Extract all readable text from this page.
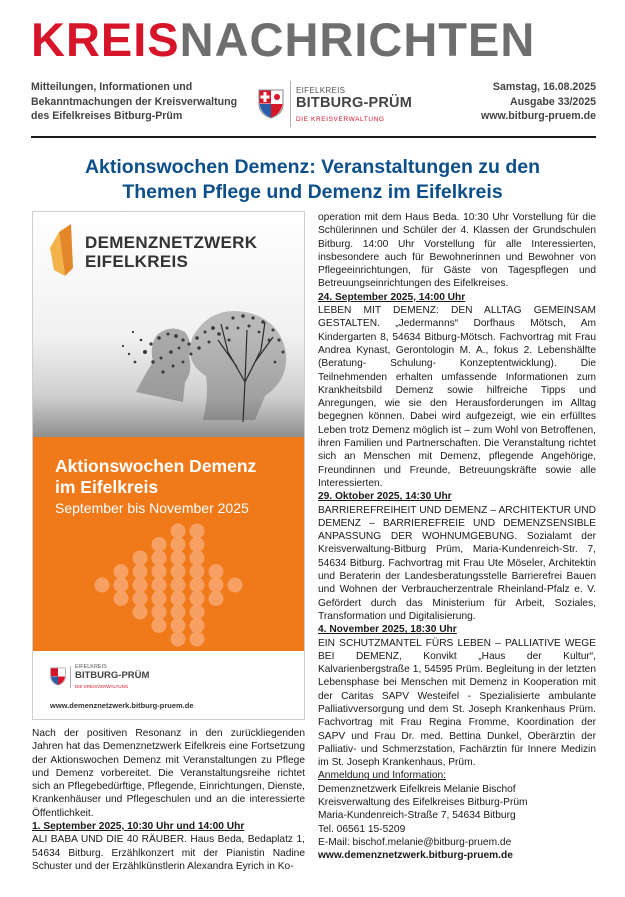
KREISNACHRICHTEN
Mitteilungen, Informationen und Bekanntmachungen der Kreisverwaltung des Eifelkreises Bitburg-Prüm
EIFELKREIS
BITBURG-PRÜM
DIE KREISVERWALTUNG
Samstag, 16.08.2025
Ausgabe 33/2025
www.bitburg-pruem.de
Aktionswochen Demenz: Veranstaltungen zu den Themen Pflege und Demenz im Eifelkreis
DEMENZNETZWERK
EIFELKREIS
Aktionswochen Demenz
im Eifelkreis
September bis November 2025
EIFELKREIS
BITBURG-PRÜM
DIE KREISVERWALTUNG
www.demenznetzwerk.bitburg-pruem.de

Nach der positiven Resonanz in den zurückliegenden Jahren hat das Demenznetzwerk Eifelkreis eine Fortsetzung der Aktionswochen Demenz mit Veranstaltungen zu Pflege und Demenz vorbereitet. Die Veranstaltungsreihe richtet sich an Pflegebedürftige, Pflegende, Einrichtungen, Dienste, Krankenhäuser und Pflegeschulen und an die interessierte Öffentlichkeit.

1. September 2025, 10:30 Uhr und 14:00 Uhr

ALI BABA UND DIE 40 RÄUBER. Haus Beda, Bedaplatz 1, 54634 Bitburg. Erzählkonzert mit der Pianistin Nadine Schuster und der Erzählkünstlerin Alexandra Eyrich in Ko-

operation mit dem Haus Beda. 10:30 Uhr Vorstellung für die Schülerinnen und Schüler der 4. Klassen der Grundschulen Bitburg. 14:00 Uhr Vorstellung für alle Interessierten, insbesondere auch für Bewohnerinnen und Bewohner von Pflegeeinrichtungen, für Gäste von Tagespflegen und Betreuungseinrichtungen des Eifelkreises.

24. September 2025, 14:00 Uhr

LEBEN MIT DEMENZ: DEN ALLTAG GEMEINSAM GESTALTEN. „Jedermanns“ Dorfhaus Mötsch, Am Kindergarten 8, 54634 Bitburg-Mötsch. Fachvortrag mit Frau Andrea Kynast, Gerontologin M. A., fokus 2. Lebenshälfte (Beratung- Schulung- Konzeptentwicklung). Die Teilnehmenden erhalten umfassende Informationen zum Krankheitsbild Demenz sowie hilfreiche Tipps und Anregungen, wie sie den Herausforderungen im Alltag begegnen können. Dabei wird aufgezeigt, wie ein erfülltes Leben trotz Demenz möglich ist – zum Wohl von Betroffenen, ihren Familien und Partnerschaften. Die Veranstaltung richtet sich an Menschen mit Demenz, pflegende Angehörige, Freundinnen und Freunde, Betreuungskräfte sowie alle Interessierten.

29. Oktober 2025, 14:30 Uhr

BARRIEREFREIHEIT UND DEMENZ – ARCHITEKTUR UND DEMENZ – BARRIEREFREIE UND DEMENZSENSIBLE ANPASSUNG DER WOHNUMGEBUNG. Sozialamt der Kreisverwaltung-Bitburg Prüm, Maria-Kundenreich-Str. 7, 54634 Bitburg. Fachvortrag mit Frau Ute Möseler, Architektin und Beraterin der Landesberatungsstelle Barrierefrei Bauen und Wohnen der Verbraucherzentrale Rheinland-Pfalz e. V. Gefördert durch das Ministerium für Arbeit, Soziales, Transformation und Digitalisierung.

4. November 2025, 18:30 Uhr

EIN SCHUTZMANTEL FÜRS LEBEN – PALLIATIVE WEGE BEI DEMENZ, Konvikt „Haus der Kultur“, Kalvarienbergstraße 1, 54595 Prüm. Begleitung in der letzten Lebensphase bei Menschen mit Demenz in Kooperation mit der Caritas SAPV Westeifel - Spezialisierte ambulante Palliativversorgung und dem St. Joseph Krankenhaus Prüm. Fachvortrag mit Frau Regina Fromme, Koordination der SAPV und Frau Dr. med. Bettina Dunkel, Oberärztin der Palliativ- und Schmerzstation, Fachärztin für Innere Medizin im St. Joseph Krankenhaus, Prüm.

Anmeldung und Information:

Demenznetzwerk Eifelkreis Melanie Bischof

Kreisverwaltung des Eifelkreises Bitburg-Prüm

Maria-Kundenreich-Straße 7, 54634 Bitburg

Tel. 06561 15-5209

E-Mail: bischof.melanie@bitburg-pruem.de

www.demenznetzwerk.bitburg-pruem.de
